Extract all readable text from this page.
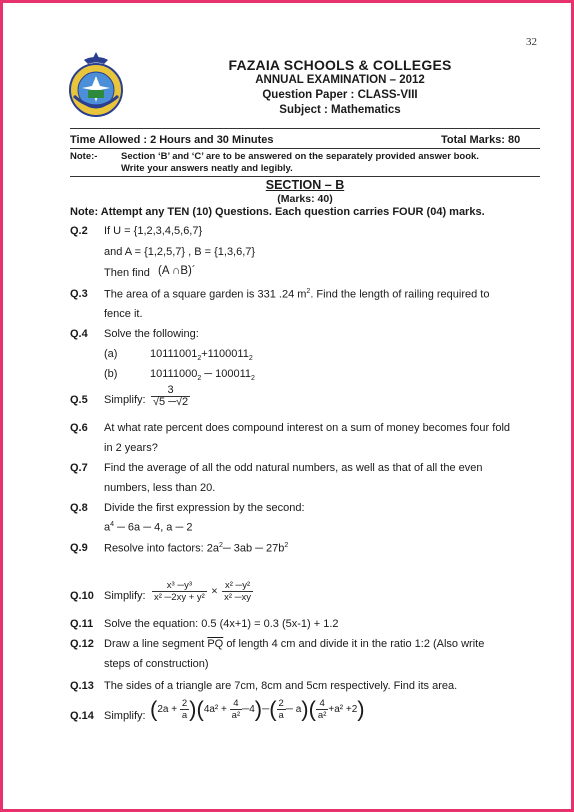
32
FAZAIA SCHOOLS & COLLEGES
ANNUAL EXAMINATION – 2012
Question Paper : CLASS-VIII
Subject : Mathematics
Time Allowed : 2 Hours and 30 Minutes	Total Marks: 80
Note:- Section ‘B’ and ‘C’ are to be answered on the separately provided answer book.
Write your answers neatly and legibly.
SECTION – B
(Marks: 40)
Note: Attempt any TEN (10) Questions. Each question carries FOUR (04) marks.
Q.2 If U = {1,2,3,4,5,6,7}
and A = {1,2,5,7} , B = {1,3,6,7}
Then find (A ∩B)´
Q.3 The area of a square garden is 331 .24 $m^2$. Find the length of railing required to
fence it.
Q.4 Solve the following:
(a)	$10111001_2+1100011_2$
(b)	$10111000_2$ ─ $100011_2$
Q.5 Simplify: $\frac{3}{√5 ─√2}$
Q.6 At what rate percent does compound interest on a sum of money becomes four fold
in 2 years?
Q.7 Find the average of all the odd natural numbers, as well as that of all the even
numbers, less than 20.
Q.8 Divide the first expression by the second:
$a^4$ ─ 6a ─ 4, a ─ 2
Q.9 Resolve into factors: $2a^2─$ 3ab ─ $27b^2$
Q.10 Simplify: $\frac{\text{x³ ─y³}}{\text{x² ─2xy + y²}} \times \frac{\text{x² ─y²}}{\text{x² ─xy}}$
Q.11 Solve the equation: 0.5 (4x+1) = 0.3 (5x-1) + 1.2
Q.12 Draw a line segment $\overline{PQ}$ of length 4 cm and divide it in the ratio 1:2 (Also write
steps of construction)
Q.13 The sides of a triangle are 7cm, 8cm and 5cm respectively. Find its area.
Q.14 Simplify: $(2a + \frac{2}{a} )(4a^2 + \frac{4}{\text{a²}}$ ─4)─( $\frac{2}{a}$ ─ $a)( \frac{4}{\text{a²}} +a^2 +2)$
